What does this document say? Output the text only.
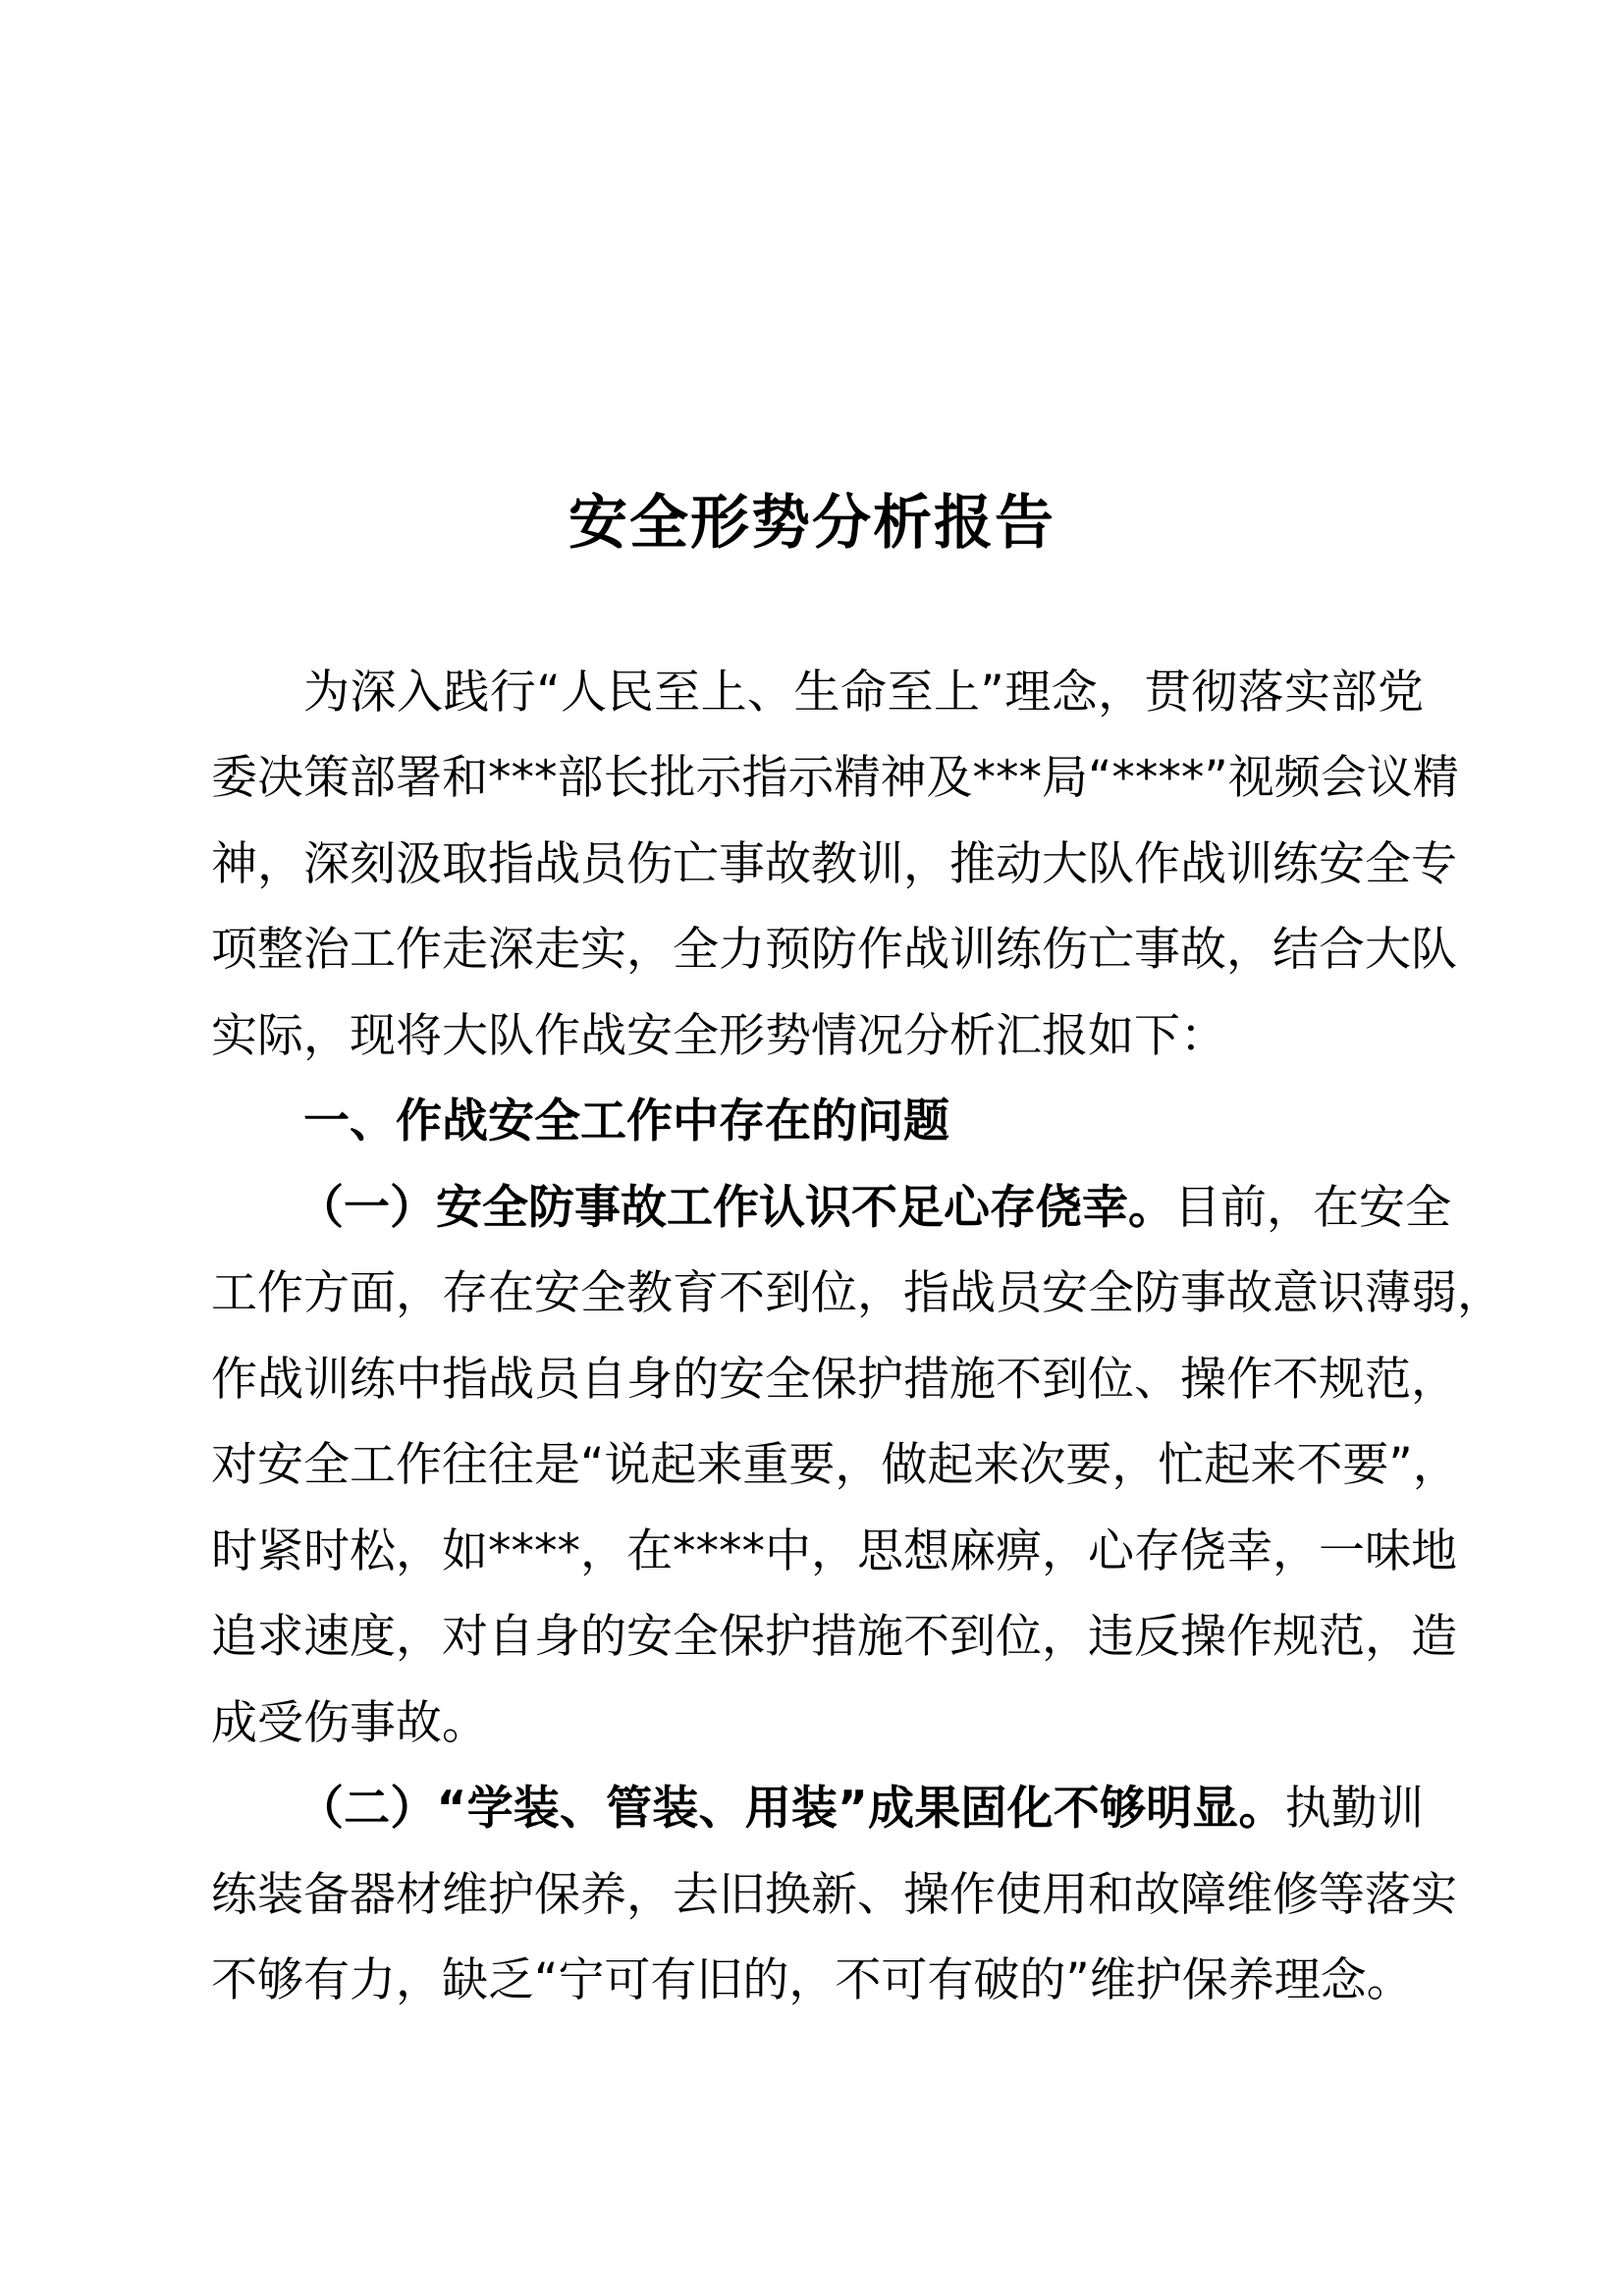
安全形势分析报告
为深入践行“人民至上、生命至上”理念，贯彻落实部党
委决策部署和***部长批示指示精神及***局“****”视频会议精
神，深刻汲取指战员伤亡事故教训，推动大队作战训练安全专
项整治工作走深走实，全力预防作战训练伤亡事故，结合大队
实际，现将大队作战安全形势情况分析汇报如下：
一、作战安全工作中存在的问题
（一）安全防事故工作认识不足心存侥幸。目前，在安全
工作方面，存在安全教育不到位，指战员安全防事故意识薄弱，
作战训练中指战员自身的安全保护措施不到位、操作不规范，
对安全工作往往是“说起来重要，做起来次要，忙起来不要”，
时紧时松，如****，在****中，思想麻痹，心存侥幸，一味地
追求速度，对自身的安全保护措施不到位，违反操作规范，造
成受伤事故。
（二）“学装、管装、用装”成果固化不够明显。执勤训
练装备器材维护保养，去旧换新、操作使用和故障维修等落实
不够有力，缺乏“宁可有旧的，不可有破的”维护保养理念。
